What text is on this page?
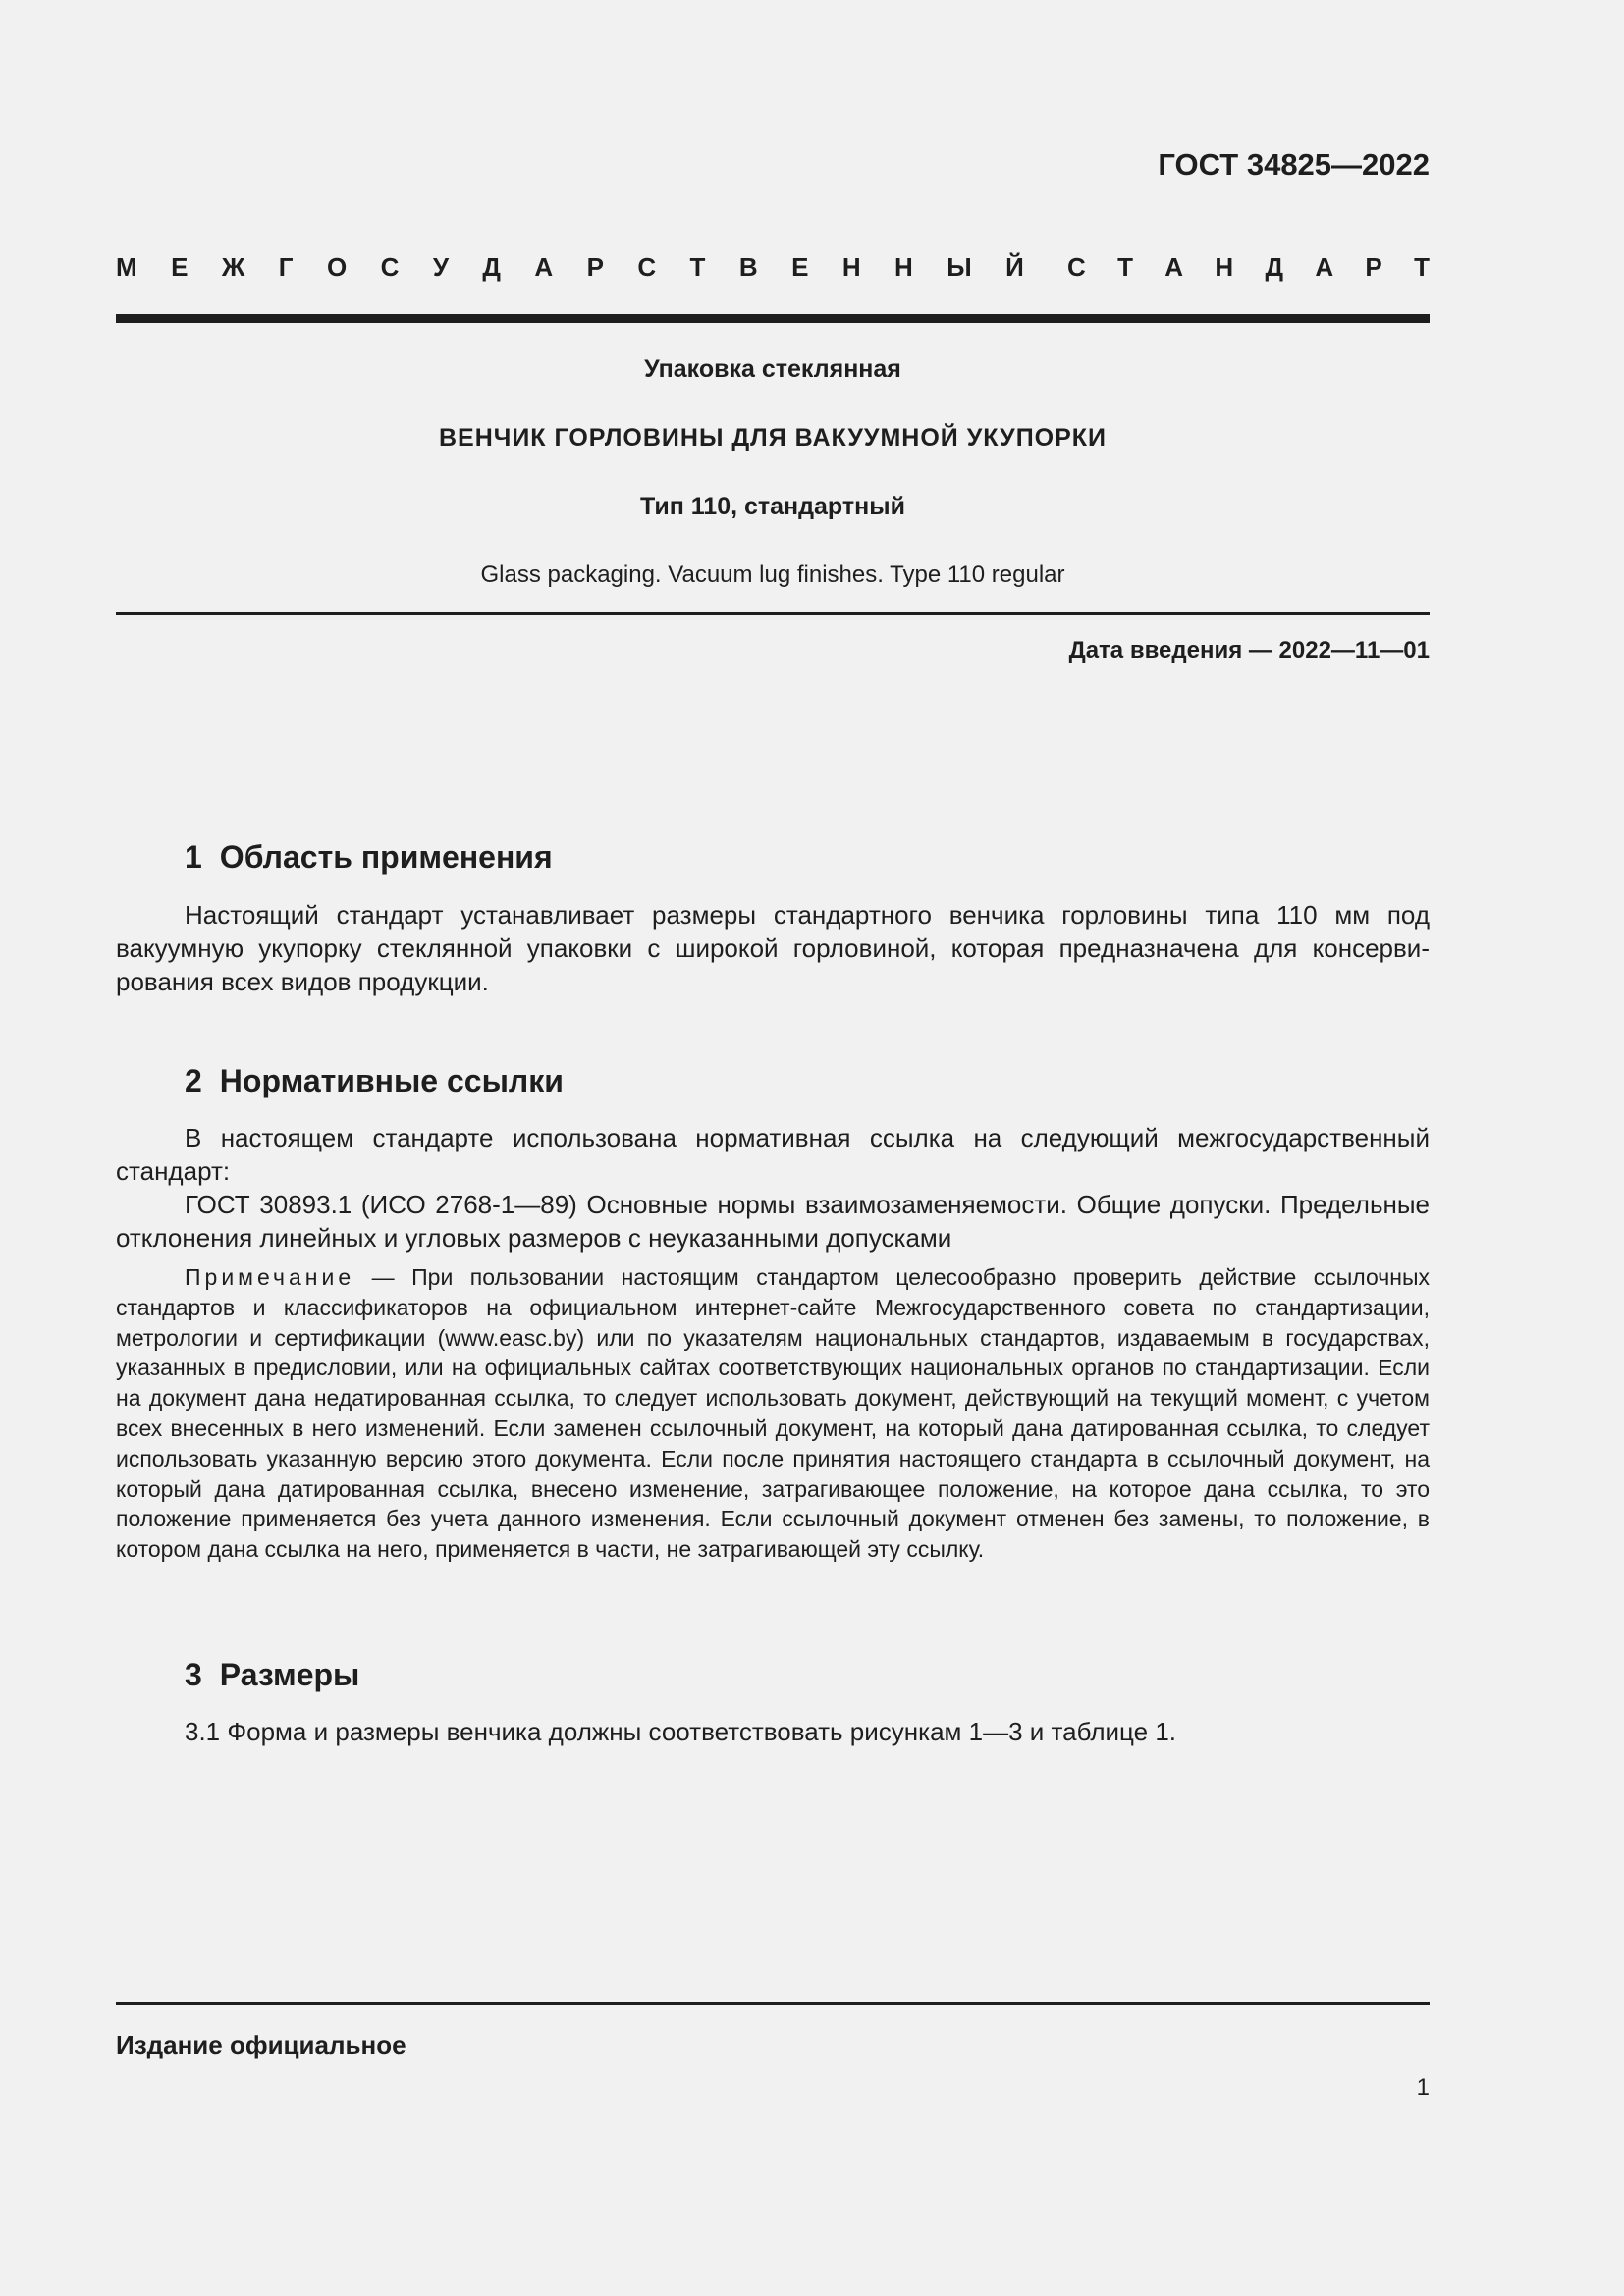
ГОСТ 34825—2022
М Е Ж Г О С У Д А Р С Т В Е Н Н Ы Й С Т А Н Д А Р Т

Упаковка стеклянная

ВЕНЧИК ГОРЛОВИНЫ ДЛЯ ВАКУУМНОЙ УКУПОРКИ

Тип 110, стандартный

Glass packaging. Vacuum lug finishes. Type 110 regular

Дата введения — 2022—11—01
1 Область применения

Настоящий стандарт устанавливает размеры стандартного венчика горловины типа 110 мм под вакуумную укупорку стеклянной упаковки с широкой горловиной, которая предназначена для консервирования всех видов продукции.

2 Нормативные ссылки

В настоящем стандарте использована нормативная ссылка на следующий межгосударственный стандарт:

ГОСТ 30893.1 (ИСО 2768-1—89) Основные нормы взаимозаменяемости. Общие допуски. Предельные отклонения линейных и угловых размеров с неуказанными допусками

Примечание — При пользовании настоящим стандартом целесообразно проверить действие ссылочных стандартов и классификаторов на официальном интернет-сайте Межгосударственного совета по стандартизации, метрологии и сертификации (www.easc.by) или по указателям национальных стандартов, издаваемым в государствах, указанных в предисловии, или на официальных сайтах соответствующих национальных органов по стандартизации. Если на документ дана недатированная ссылка, то следует использовать документ, действующий на текущий момент, с учетом всех внесенных в него изменений. Если заменен ссылочный документ, на который дана датированная ссылка, то следует использовать указанную версию этого документа. Если после принятия настоящего стандарта в ссылочный документ, на который дана датированная ссылка, внесено изменение, затрагивающее положение, на которое дана ссылка, то это положение применяется без учета данного изменения. Если ссылочный документ отменен без замены, то положение, в котором дана ссылка на него, применяется в части, не затрагивающей эту ссылку.

3 Размеры

3.1 Форма и размеры венчика должны соответствовать рисункам 1—3 и таблице 1.

Издание официальное
1
